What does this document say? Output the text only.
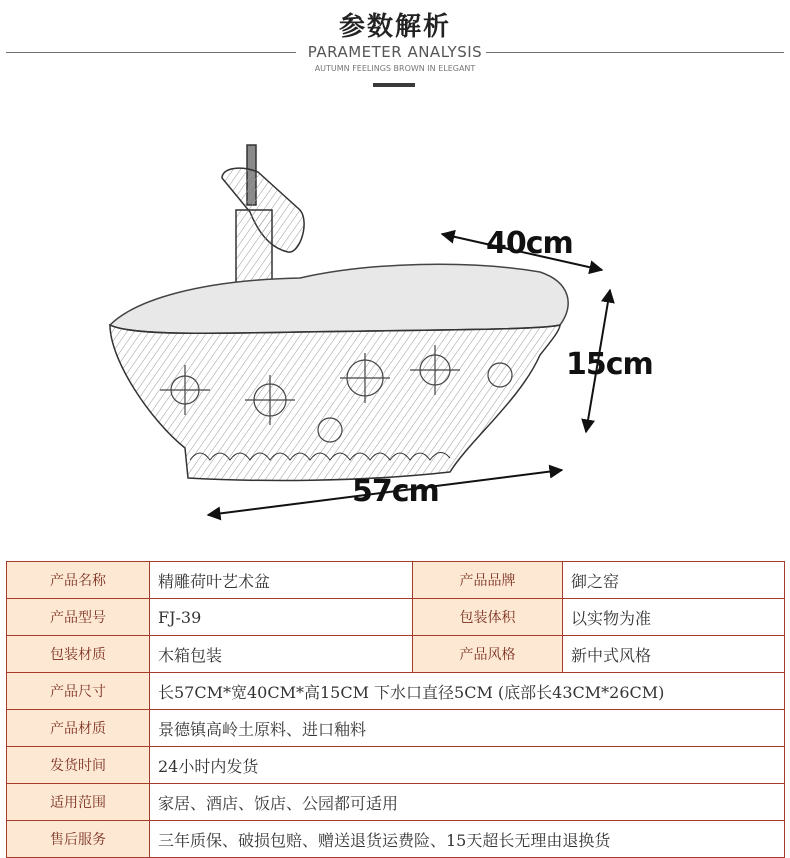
参数解析
PARAMETER ANALYSIS
AUTUMN FEELINGS BROWN IN ELEGANT
40cm
15cm
57cm
产品名称	精雕荷叶艺术盆	产品品牌	御之窑
产品型号	FJ-39	包装体积	以实物为准
包装材质	木箱包装	产品风格	新中式风格
产品尺寸	长57CM*宽40CM*高15CM 下水口直径5CM (底部长43CM*26CM)		
产品材质	景德镇高岭土原料、进口釉料		
发货时间	24小时内发货		
适用范围	家居、酒店、饭店、公园都可适用		
售后服务	三年质保、破损包赔、赠送退货运费险、15天超长无理由退换货		
